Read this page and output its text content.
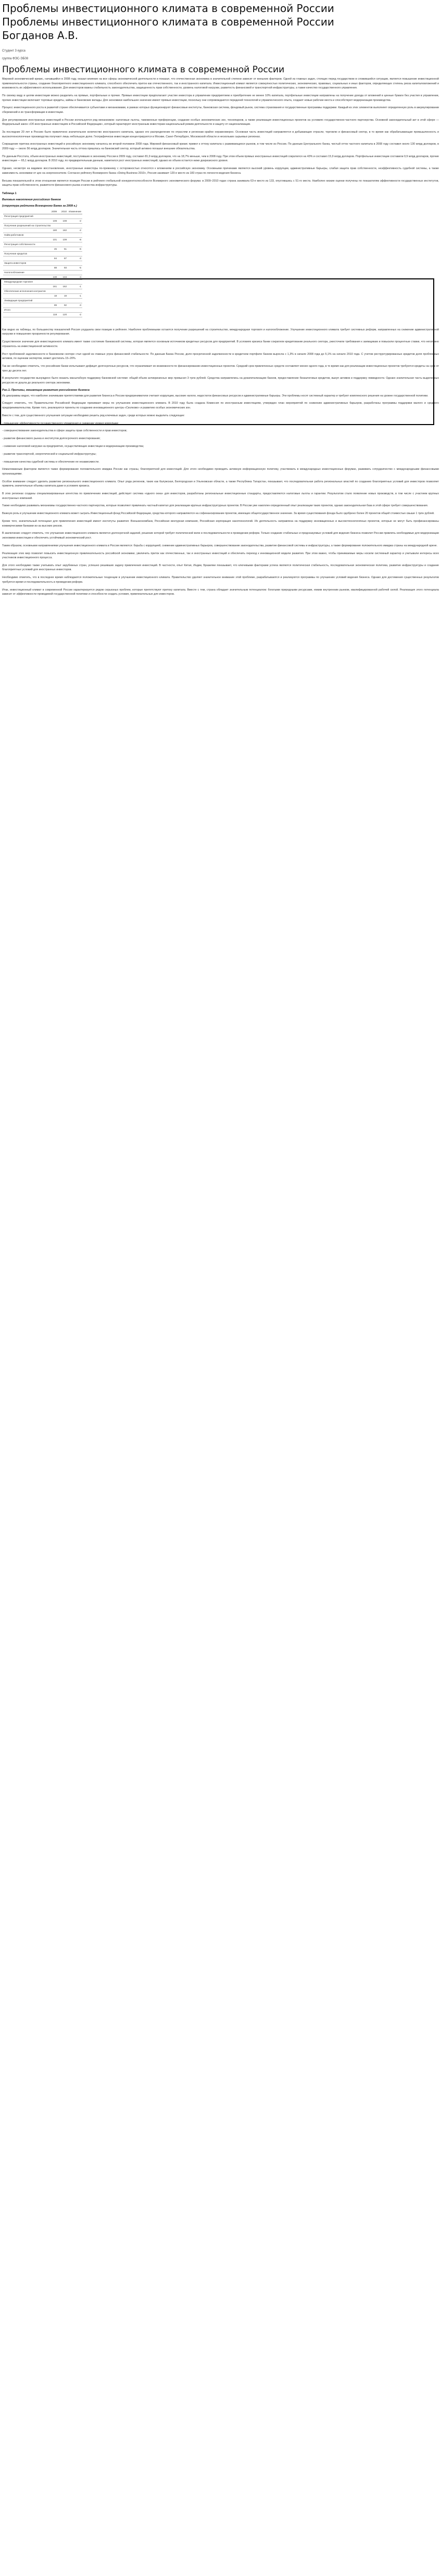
Проблемы инвестиционного климата в современной России
Проблемы инвестиционного климата в современной России
Богданов А.В.
Студент 3 курса
группа ФЭС-ЭБ08
Проблемы инвестиционного климата в современной России

Мировой экономический кризис, начавшийся в 2008 году, оказал влияние на все сферы экономической деятельности и показал, что отечественная экономика в значительной степени зависит от внешних факторов. Одной из главных задач, стоящих перед государством в сложившейся ситуации, является повышение инвестиционной привлекательности страны, создание благоприятного инвестиционного климата, способного обеспечить приток как отечественного, так и иностранного капитала. Инвестиционный климат является совокупностью политических, экономических, правовых, социальных и иных факторов, определяющих степень риска капиталовложений и возможность их эффективного использования. Для инвесторов важны стабильность законодательства, защищенность прав собственности, уровень налоговой нагрузки, развитость финансовой и транспортной инфраструктуры, а также качество государственного управления.

По своему виду и целям инвестиции можно разделить на прямые, портфельные и прочие. Прямые инвестиции предполагают участие инвестора в управлении предприятием и приобретение не менее 10% капитала, портфельные инвестиции направлены на получение дохода от вложений в ценные бумаги без участия в управлении, прочие инвестиции включают торговые кредиты, займы и банковские вклады. Для экономики наибольшее значение имеют прямые инвестиции, поскольку они сопровождаются передачей технологий и управленческого опыта, создают новые рабочие места и способствуют модернизации производства.

Процесс инвестиционного роста в развитой стране обеспечивается субъектами и механизмами, в рамках которых функционируют финансовые институты, банковская система, фондовый рынок, система страхования и государственные программы поддержки. Каждый из этих элементов выполняет определенную роль в аккумулировании сбережений и их трансформации в инвестиции.

Для регулирования иностранных инвестиций в России используется ряд механизмов: налоговые льготы, таможенные преференции, создание особых экономических зон, технопарков, а также реализация инвестиционных проектов на условиях государственно-частного партнерства. Основной законодательный акт в этой сфере — Федеральный закон «Об иностранных инвестициях в Российской Федерации», который гарантирует иностранным инвесторам национальный режим деятельности и защиту от национализации.

За последние 20 лет в Россию было привлечено значительное количество иностранного капитала, однако его распределение по отраслям и регионам крайне неравномерно. Основная часть инвестиций направляется в добывающие отрасли, торговлю и финансовый сектор, в то время как обрабатывающая промышленность и высокотехнологичные производства получают лишь небольшую долю. Географически инвестиции концентрируются в Москве, Санкт-Петербурге, Московской области и нескольких сырьевых регионах.

Сокращение притока иностранных инвестиций в российскую экономику началось во второй половине 2008 года. Мировой финансовый кризис привел к оттоку капитала с развивающихся рынков, в том числе из России. По данным Центрального банка, чистый отток частного капитала в 2008 году составил около 130 млрд долларов, в 2009 году — около 56 млрд долларов. Значительная часть оттока пришлась на банковский сектор, который активно погашал внешние обязательства.

По данным Росстата, объем иностранных инвестиций, поступивших в экономику России в 2009 году, составил 81,9 млрд долларов, что на 18,7% меньше, чем в 2008 году. При этом объем прямых иностранных инвестиций сократился на 43% и составил 15,9 млрд долларов. Портфельные инвестиции составили 0,9 млрд долларов, прочие инвестиции — 65,1 млрд долларов. В 2010 году, по предварительным данным, наметился рост иностранных инвестиций, однако их объем остается ниже докризисного уровня.

Однако, несмотря на видимое восстановление, иностранные инвесторы по-прежнему с осторожностью относятся к вложениям в российскую экономику. Основными причинами являются высокий уровень коррупции, административные барьеры, слабая защита прав собственности, неэффективность судебной системы, а также зависимость экономики от цен на энергоносители. Согласно рейтингу Всемирного банка «Doing Business 2010», Россия занимает 120-е место из 183 стран по легкости ведения бизнеса.

Весьма показательной в этом отношении является позиция России в рейтинге глобальной конкурентоспособности Всемирного экономического форума: в 2009–2010 годах страна занимала 63-е место из 133, опустившись с 51-го места. Наиболее низкие оценки получены по показателям эффективности государственных институтов, защиты прав собственности, развитости финансового рынка и качества инфраструктуры.

Таблица 1
Валовые накопления российских банков
(структура рейтинга Всемирного Банка за 2009 г.)
	2009	2010	Изменение
Регистрация предприятий			
	106	108	-2
Получение разрешений на строительство			
	180	182	-2
Найм работников			
	101	109	-8
Регистрация собственности			
	45	51	-6
Получение кредитов			
	84	87	-3
Защита инвесторов			
	88	93	-5
Налогообложение			
	130	134	-4
Международная торговля			
	161	162	-1
Обеспечение исполнения контрактов			
	18	19	-1
Ликвидация предприятий			
	89	92	-3
Итого			
	118	120	-2

Как видно из таблицы, по большинству показателей Россия ухудшила свои позиции в рейтинге. Наиболее проблемными остаются получение разрешений на строительство, международная торговля и налогообложение. Улучшение инвестиционного климата требует системных реформ, направленных на снижение административной нагрузки и повышение прозрачности регулирования.

Существенное значение для инвестиционного климата имеет также состояние банковской системы, которая является основным источником кредитных ресурсов для предприятий. В условиях кризиса банки сократили кредитование реального сектора, ужесточили требования к заемщикам и повысили процентные ставки, что негативно отразилось на инвестиционной активности.

Рост проблемной задолженности в банковском секторе стал одной из главных угроз финансовой стабильности. По данным Банка России, доля просроченной задолженности в кредитном портфеле банков выросла с 1,3% в начале 2008 года до 5,1% на начало 2010 года. С учетом реструктурированных кредитов доля проблемных активов, по оценкам экспертов, может достигать 15–20%.

Так же необходимо отметить, что российские банки испытывают дефицит долгосрочных ресурсов, что ограничивает их возможности по финансированию инвестиционных проектов. Средний срок привлеченных средств составляет менее одного года, в то время как для реализации инвестиционных проектов требуются кредиты на срок от трех до десяти лет.

В результате государство вынуждено было оказать масштабную поддержку банковской системе: общий объем антикризисных мер превысил 3 трлн рублей. Средства направлялись на докапитализацию банков, предоставление беззалоговых кредитов, выкуп активов и поддержку ликвидности. Однако значительная часть выделенных ресурсов не дошла до реального сектора экономики.

Рис.1. Причины, мешающие развитию российского бизнеса

Из диаграммы видно, что наиболее значимыми препятствиями для развития бизнеса в России предприниматели считают коррупцию, высокие налоги, недостаток финансовых ресурсов и административные барьеры. Эти проблемы носят системный характер и требуют комплексного решения на уровне государственной политики.

Следует отметить, что Правительство Российской Федерации принимает меры по улучшению инвестиционного климата. В 2010 году была создана Комиссия по иностранным инвестициям, утвержден план мероприятий по снижению административных барьеров, разработаны программы поддержки малого и среднего предпринимательства. Кроме того, реализуются проекты по созданию инновационного центра «Сколково» и развитию особых экономических зон.

Вместе с тем, для существенного улучшения ситуации необходимо решить ряд ключевых задач, среди которых можно выделить следующие:

- повышение эффективности государственного управления и снижение уровня коррупции;

- совершенствование законодательства в сфере защиты прав собственности и прав инвесторов;

- развитие финансового рынка и институтов долгосрочного инвестирования;

- снижение налоговой нагрузки на предприятия, осуществляющие инвестиции в модернизацию производства;

- развитие транспортной, энергетической и социальной инфраструктуры;

- повышение качества судебной системы и обеспечение ее независимости.

Немаловажным фактором является также формирование положительного имиджа России как страны, благоприятной для инвестиций. Для этого необходимо проводить активную информационную политику, участвовать в международных инвестиционных форумах, развивать сотрудничество с международными финансовыми организациями.

Особое внимание следует уделить развитию регионального инвестиционного климата. Опыт ряда регионов, таких как Калужская, Белгородская и Ульяновская области, а также Республика Татарстан, показывает, что последовательная работа региональных властей по созданию благоприятных условий для инвесторов позволяет привлечь значительные объемы капитала даже в условиях кризиса.

В этих регионах созданы специализированные агентства по привлечению инвестиций, действует система «одного окна» для инвесторов, разработаны региональные инвестиционные стандарты, предоставляются налоговые льготы и гарантии. Результатом стало появление новых производств, в том числе с участием крупных иностранных компаний.

Также необходимо развивать механизмы государственно-частного партнерства, которые позволяют привлекать частный капитал для реализации крупных инфраструктурных проектов. В России уже накоплен определенный опыт реализации таких проектов, однако законодательная база в этой сфере требует совершенствования.

Важную роль в улучшении инвестиционного климата может сыграть Инвестиционный фонд Российской Федерации, средства которого направляются на софинансирование проектов, имеющих общегосударственное значение. За время существования фонда было одобрено более 20 проектов общей стоимостью свыше 1 трлн рублей.

Кроме того, значительный потенциал для привлечения инвестиций имеют институты развития: Внешэкономбанк, Российская венчурная компания, Российская корпорация нанотехнологий. Их деятельность направлена на поддержку инновационных и высокотехнологичных проектов, которые не могут быть профинансированы коммерческими банками из-за высоких рисков.

В заключение следует отметить, что улучшение инвестиционного климата является долгосрочной задачей, решение которой требует политической воли и последовательности в проведении реформ. Только создание стабильных и предсказуемых условий для ведения бизнеса позволит России привлечь необходимые для модернизации экономики инвестиции и обеспечить устойчивый экономический рост.

Таким образом, основными направлениями улучшения инвестиционного климата в России являются: борьба с коррупцией, снижение административных барьеров, совершенствование законодательства, развитие финансовой системы и инфраструктуры, а также формирование положительного имиджа страны на международной арене.

Реализация этих мер позволит повысить инвестиционную привлекательность российской экономики, увеличить приток как отечественных, так и иностранных инвестиций и обеспечить переход к инновационной модели развития. При этом важно, чтобы принимаемые меры носили системный характер и учитывали интересы всех участников инвестиционного процесса.

Для этого необходимо также учитывать опыт зарубежных стран, успешно решивших задачу привлечения инвестиций. В частности, опыт Китая, Индии, Бразилии показывает, что ключевыми факторами успеха являются политическая стабильность, последовательная экономическая политика, развитие инфраструктуры и создание благоприятных условий для иностранных инвесторов.

Необходимо отметить, что в последнее время наблюдаются положительные тенденции в улучшении инвестиционного климата. Правительство уделяет значительное внимание этой проблеме, разрабатываются и реализуются программы по улучшению условий ведения бизнеса. Однако для достижения существенных результатов требуется время и последовательность в проведении реформ.

Итак, инвестиционный климат в современной России характеризуется рядом серьезных проблем, которые препятствуют притоку капитала. Вместе с тем, страна обладает значительным потенциалом: богатыми природными ресурсами, емким внутренним рынком, квалифицированной рабочей силой. Реализация этого потенциала зависит от эффективности проводимой государственной политики и способности создать условия, привлекательные для инвесторов.
